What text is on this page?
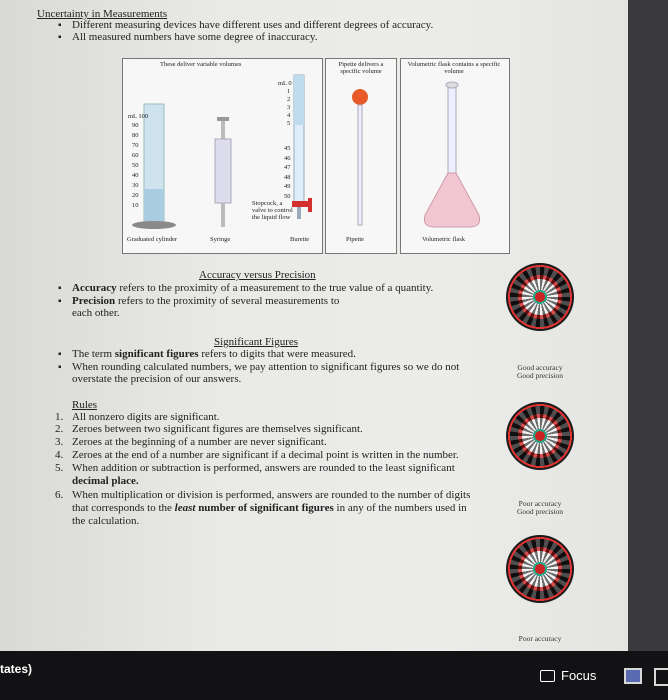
Uncertainty in Measurements
▪ Different measuring devices have different uses and different degrees of accuracy.
▪ All measured numbers have some degree of inaccuracy.
These deliver variable volumes	Pipette delivers a specific volume
Volumetric flask contains a specific volume
mL 100
90
80
70
60
50
40
30
20
10
mL 0
1
2
3
4
5
45
46
47
48
49
50
Stopcock, a valve to control the liquid flow
Graduated cylinder	Syringe	Burette	Pipette	Volumetric flask
Accuracy versus Precision
▪ Accuracy refers to the proximity of a measurement to the true value of a quantity.
▪ Precision refers to the proximity of several measurements to
each other.
Significant Figures
▪ The term significant figures refers to digits that were measured.
▪ When rounding calculated numbers, we pay attention to significant figures so we do not
overstate the precision of our answers.
Rules
1. All nonzero digits are significant.
2. Zeroes between two significant figures are themselves significant.
3. Zeroes at the beginning of a number are never significant.
4. Zeroes at the end of a number are significant if a decimal point is written in the number.
5. When addition or subtraction is performed, answers are rounded to the least significant
decimal place.
6. When multiplication or division is performed, answers are rounded to the number of digits
that corresponds to the least number of significant figures in any of the numbers used in
the calculation.
Good accuracy
Good precision
Poor accuracy
Good precision
Poor accuracy
tates)	Focus
